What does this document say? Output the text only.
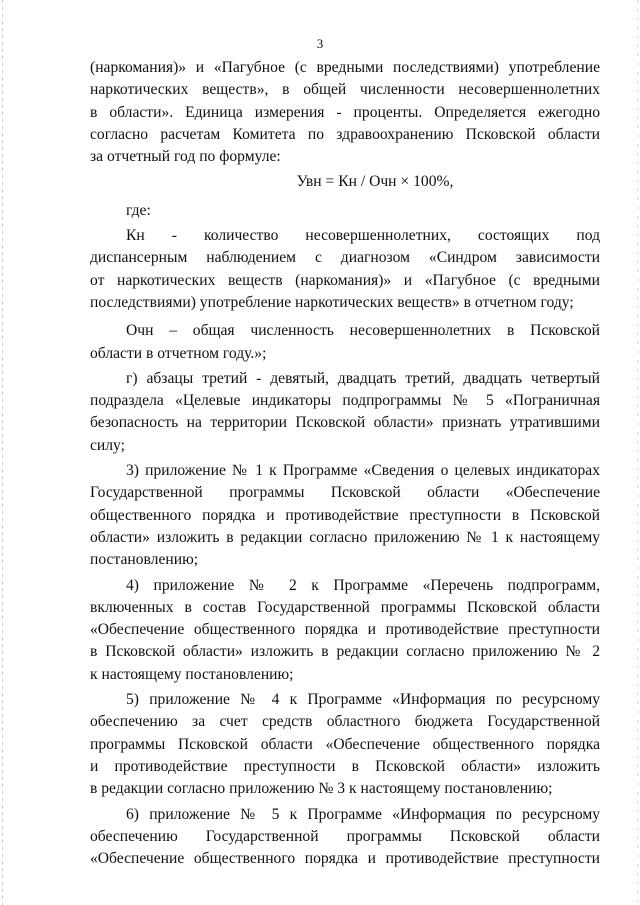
3

(наркомания)» и «Пагубное (с вредными последствиями) употребление

наркотических веществ», в общей численности несовершеннолетних

в области». Единица измерения - проценты. Определяется ежегодно

согласно расчетам Комитета по здравоохранению Псковской области

за отчетный год по формуле:

Увн = Кн / Очн × 100%,

где:

Кн - количество несовершеннолетних, состоящих под

диспансерным наблюдением с диагнозом «Синдром зависимости

от наркотических веществ (наркомания)» и «Пагубное (с вредными

последствиями) употребление наркотических веществ» в отчетном году;

Очн – общая численность несовершеннолетних в Псковской

области в отчетном году.»;

г) абзацы третий - девятый, двадцать третий, двадцать четвертый

подраздела «Целевые индикаторы подпрограммы № 5 «Пограничная

безопасность на территории Псковской области» признать утратившими

силу;

3) приложение № 1 к Программе «Сведения о целевых индикаторах

Государственной программы Псковской области «Обеспечение

общественного порядка и противодействие преступности в Псковской

области» изложить в редакции согласно приложению № 1 к настоящему

постановлению;

4) приложение № 2 к Программе «Перечень подпрограмм,

включенных в состав Государственной программы Псковской области

«Обеспечение общественного порядка и противодействие преступности

в Псковской области» изложить в редакции согласно приложению № 2

к настоящему постановлению;

5) приложение № 4 к Программе «Информация по ресурсному

обеспечению за счет средств областного бюджета Государственной

программы Псковской области «Обеспечение общественного порядка

и противодействие преступности в Псковской области» изложить

в редакции согласно приложению № 3 к настоящему постановлению;

6) приложение № 5 к Программе «Информация по ресурсному

обеспечению Государственной программы Псковской области

«Обеспечение общественного порядка и противодействие преступности
